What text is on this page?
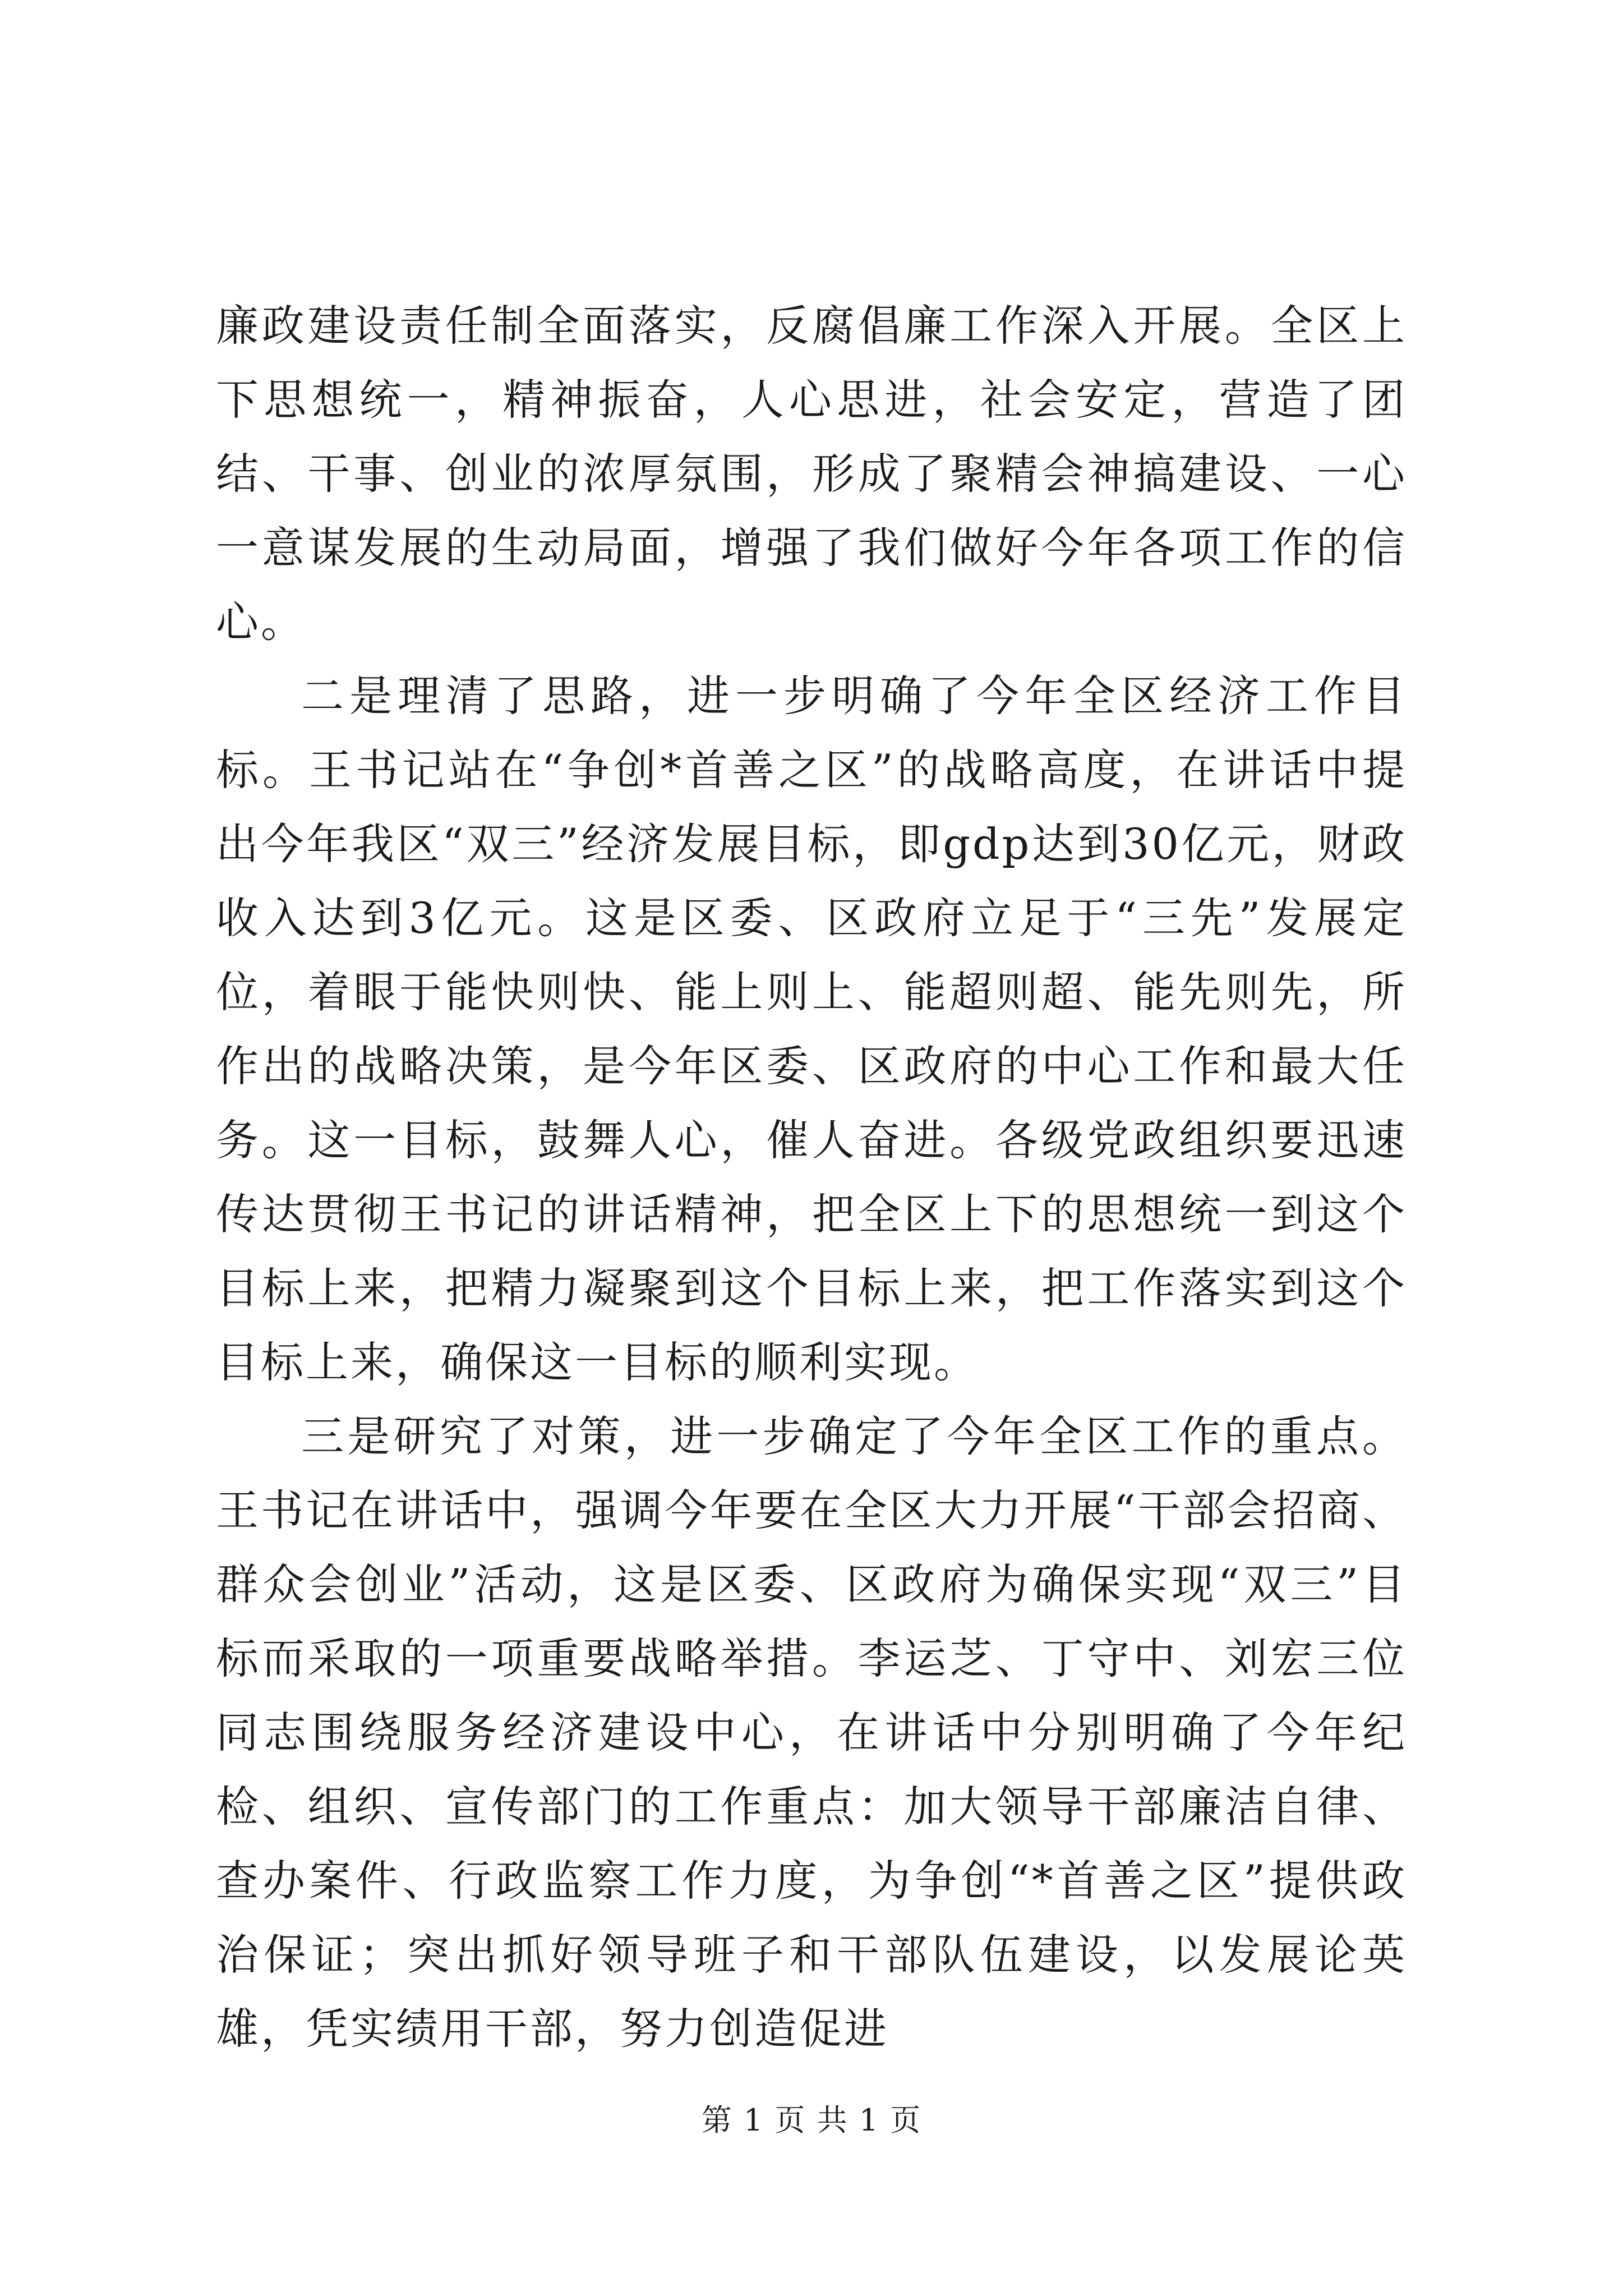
廉政建设责任制全面落实，反腐倡廉工作深入开展。全区上下思想统一，精神振奋，人心思进，社会安定，营造了团结、干事、创业的浓厚氛围，形成了聚精会神搞建设、一心一意谋发展的生动局面，增强了我们做好今年各项工作的信心。

二是理清了思路，进一步明确了今年全区经济工作目标。王书记站在“争创*首善之区”的战略高度，在讲话中提出今年我区“双三”经济发展目标，即gdp达到30亿元，财政收入达到3亿元。这是区委、区政府立足于“三先”发展定位，着眼于能快则快、能上则上、能超则超、能先则先，所作出的战略决策，是今年区委、区政府的中心工作和最大任务。这一目标，鼓舞人心，催人奋进。各级党政组织要迅速传达贯彻王书记的讲话精神，把全区上下的思想统一到这个目标上来，把精力凝聚到这个目标上来，把工作落实到这个目标上来，确保这一目标的顺利实现。

三是研究了对策，进一步确定了今年全区工作的重点。王书记在讲话中，强调今年要在全区大力开展“干部会招商、群众会创业”活动，这是区委、区政府为确保实现“双三”目标而采取的一项重要战略举措。李运芝、丁守中、刘宏三位同志围绕服务经济建设中心，在讲话中分别明确了今年纪检、组织、宣传部门的工作重点：加大领导干部廉洁自律、查办案件、行政监察工作力度，为争创“*首善之区”提供政治保证；突出抓好领导班子和干部队伍建设，以发展论英雄，凭实绩用干部，努力创造促进

第 1 页 共 1 页
